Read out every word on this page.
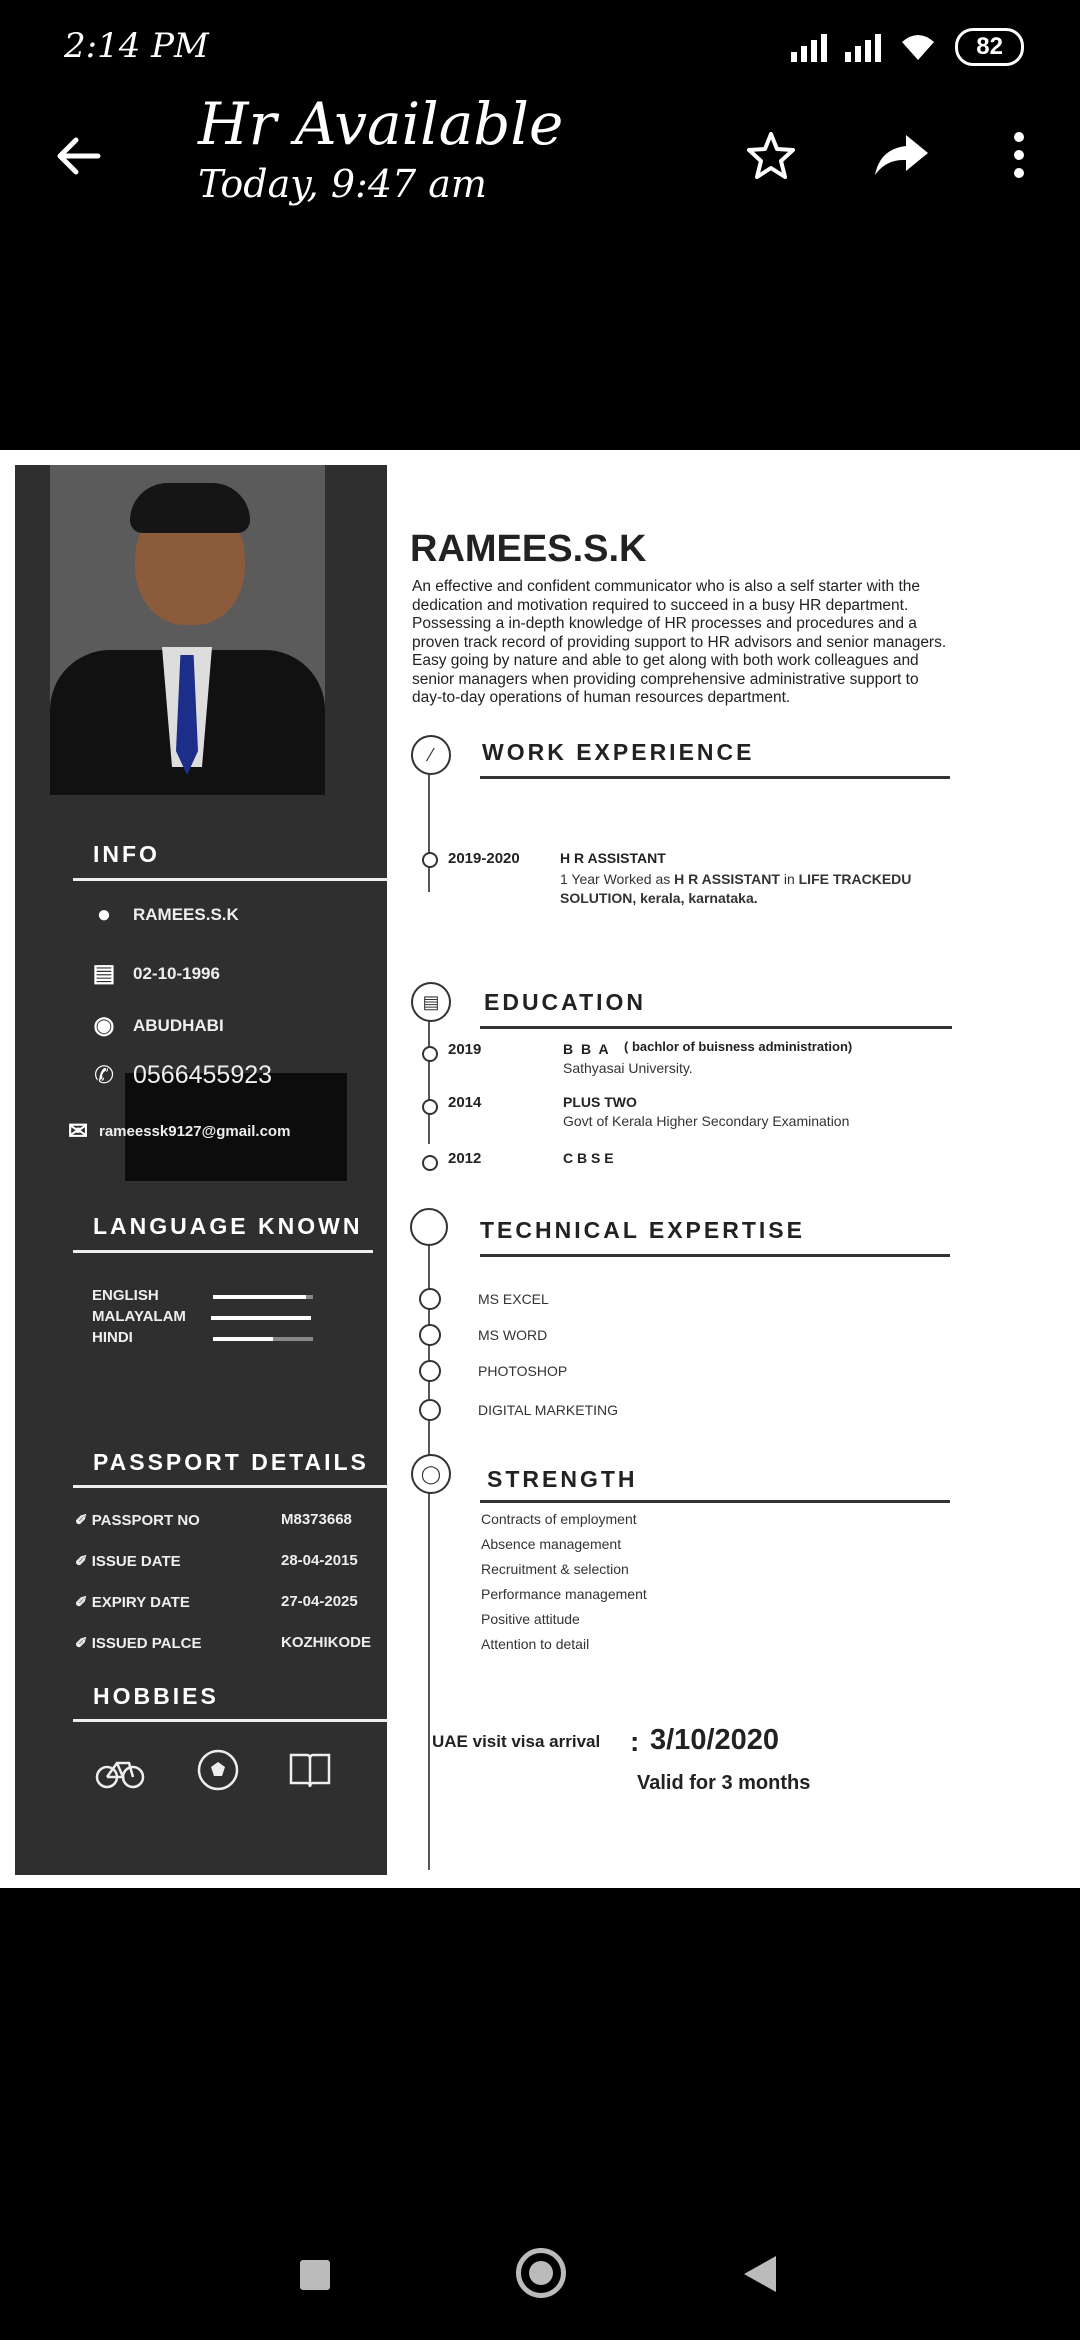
2:14 PM	82
Hr Available
Today, 9:47 am
INFO
●	RAMEES.S.K
▤ 02-10-1996
◉ ABUDHABI
✆ 0566455923
✉ rameessk9127@gmail.com
LANGUAGE KNOWN
ENGLISH
MALAYALAM
HINDI
PASSPORT DETAILS
✐ PASSPORT NO	M8373668
✐ ISSUE DATE	28-04-2015
✐ EXPIRY DATE	27-04-2025
✐ ISSUED PALCE	KOZHIKODE
HOBBIES
RAMEES.S.K
An effective and confident communicator who is also a self starter with the dedication and motivation required to succeed in a busy HR department. Possessing a in-depth knowledge of HR processes and procedures and a proven track record of providing support to HR advisors and senior managers. Easy going by nature and able to get along with both work colleagues and senior managers when providing comprehensive administrative support to day-to-day operations of human resources department.
⁄	WORK EXPERIENCE
2019-2020	H R ASSISTANT
1 Year Worked as H R ASSISTANT in LIFE TRACKEDU SOLUTION, kerala, karnataka.
▤	EDUCATION
2019	B B A ( bachlor of buisness administration)
Sathyasai University.
2014	PLUS TWO
Govt of Kerala Higher Secondary Examination
2012	C B S E
TECHNICAL EXPERTISE
MS EXCEL
MS WORD
PHOTOSHOP
DIGITAL MARKETING
◯	STRENGTH
Contracts of employment
Absence management
Recruitment & selection
Performance management
Positive attitude
Attention to detail
UAE visit visa arrival : 3/10/2020
Valid for 3 months
